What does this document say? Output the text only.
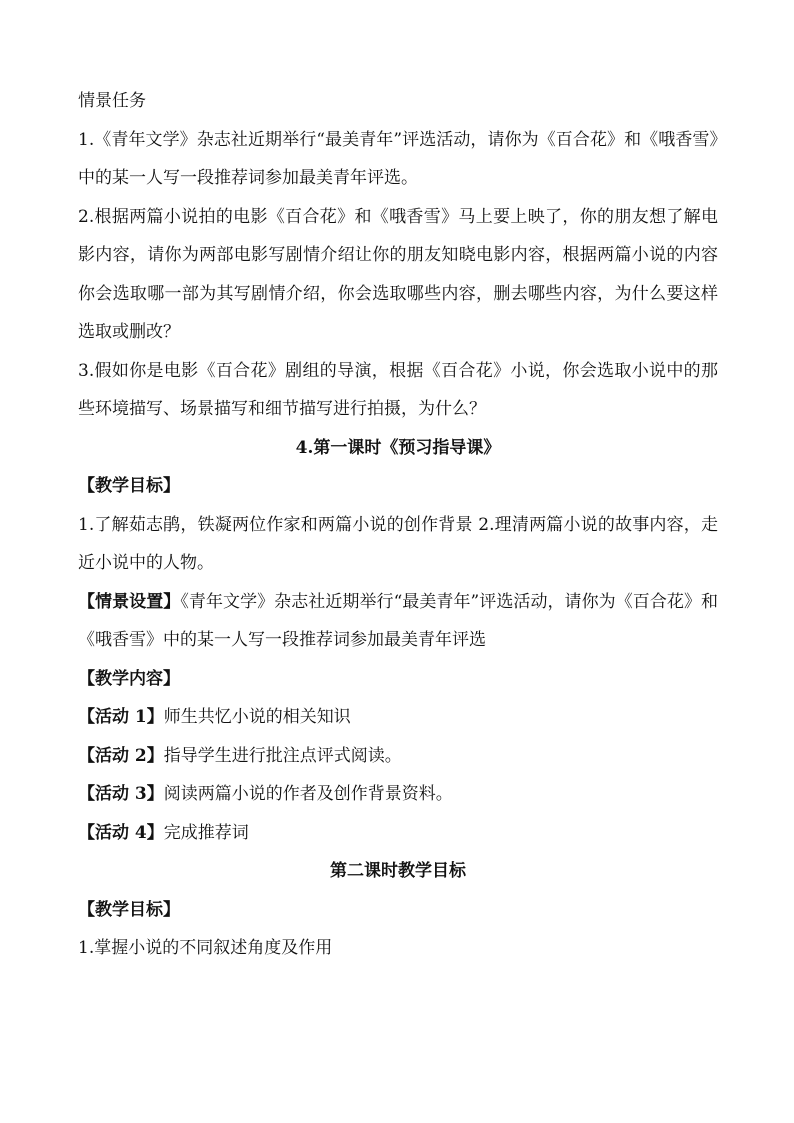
情景任务

1.《青年文学》杂志社近期举行“最美青年”评选活动，请你为《百合花》和《哦香雪》中的某一人写一段推荐词参加最美青年评选。

2.根据两篇小说拍的电影《百合花》和《哦香雪》马上要上映了，你的朋友想了解电影内容，请你为两部电影写剧情介绍让你的朋友知晓电影内容，根据两篇小说的内容你会选取哪一部为其写剧情介绍，你会选取哪些内容，删去哪些内容，为什么要这样选取或删改？

3.假如你是电影《百合花》剧组的导演，根据《百合花》小说，你会选取小说中的那些环境描写、场景描写和细节描写进行拍摄，为什么？

4.第一课时《预习指导课》

【教学目标】

1.了解茹志鹃，铁凝两位作家和两篇小说的创作背景 2.理清两篇小说的故事内容，走近小说中的人物。

【情景设置】《青年文学》杂志社近期举行“最美青年”评选活动，请你为《百合花》和《哦香雪》中的某一人写一段推荐词参加最美青年评选

【教学内容】

【活动 1】师生共忆小说的相关知识

【活动 2】指导学生进行批注点评式阅读。

【活动 3】阅读两篇小说的作者及创作背景资料。

【活动 4】完成推荐词

第二课时教学目标

【教学目标】

1.掌握小说的不同叙述角度及作用
